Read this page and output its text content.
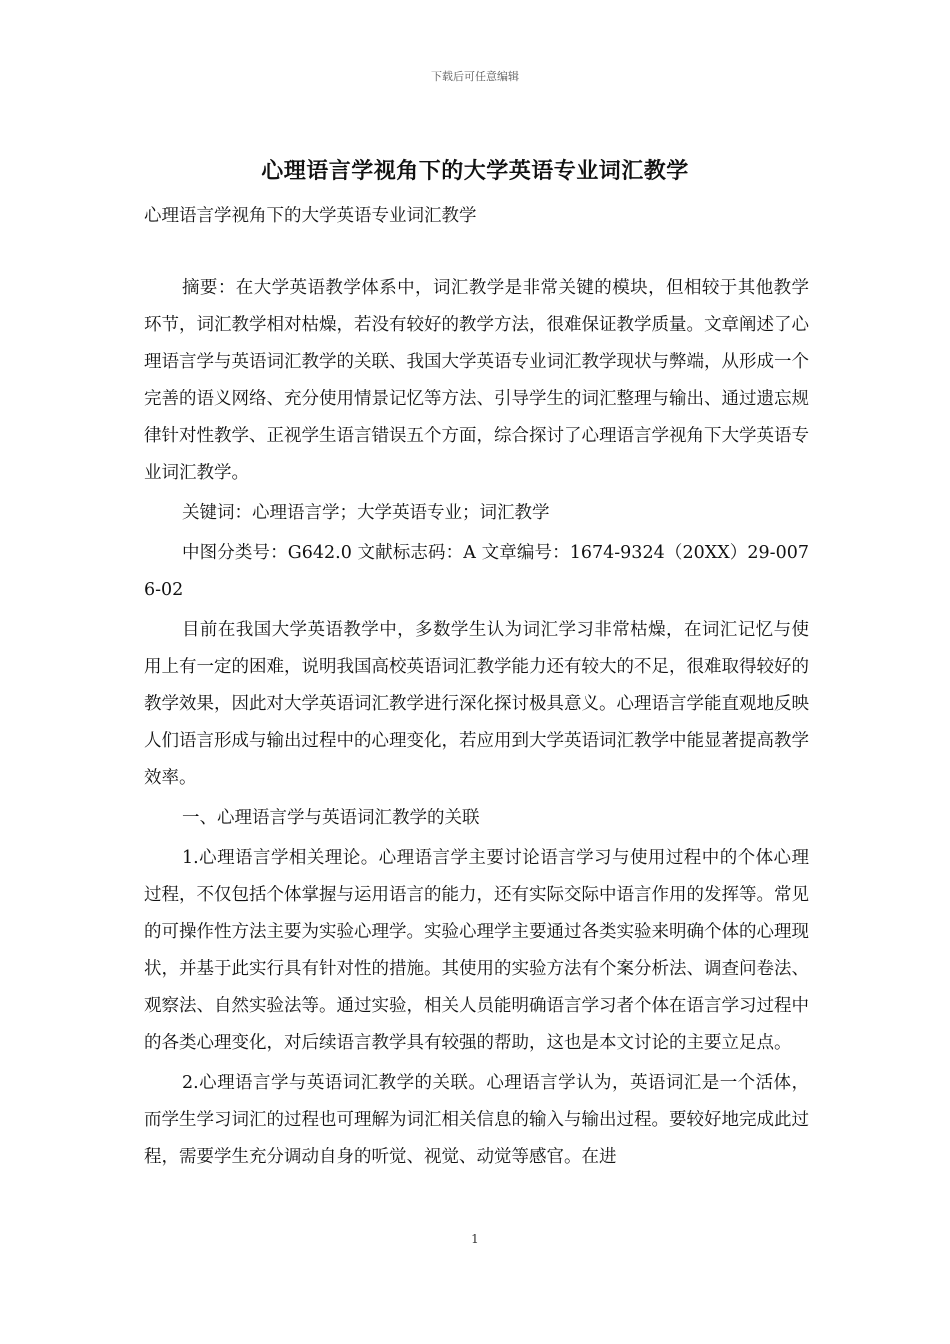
下载后可任意编辑
心理语言学视角下的大学英语专业词汇教学
心理语言学视角下的大学英语专业词汇教学

摘要：在大学英语教学体系中，词汇教学是非常关键的模块，但相较于其他教学环节，词汇教学相对枯燥，若没有较好的教学方法，很难保证教学质量。文章阐述了心理语言学与英语词汇教学的关联、我国大学英语专业词汇教学现状与弊端，从形成一个完善的语义网络、充分使用情景记忆等方法、引导学生的词汇整理与输出、通过遗忘规律针对性教学、正视学生语言错误五个方面，综合探讨了心理语言学视角下大学英语专业词汇教学。

关键词：心理语言学；大学英语专业；词汇教学

中图分类号：G642.0 文献标志码：A 文章编号：1674-9324（20XX）29-0076-02

目前在我国大学英语教学中，多数学生认为词汇学习非常枯燥，在词汇记忆与使用上有一定的困难，说明我国高校英语词汇教学能力还有较大的不足，很难取得较好的教学效果，因此对大学英语词汇教学进行深化探讨极具意义。心理语言学能直观地反映人们语言形成与输出过程中的心理变化，若应用到大学英语词汇教学中能显著提高教学效率。

一、心理语言学与英语词汇教学的关联

1.心理语言学相关理论。心理语言学主要讨论语言学习与使用过程中的个体心理过程，不仅包括个体掌握与运用语言的能力，还有实际交际中语言作用的发挥等。常见的可操作性方法主要为实验心理学。实验心理学主要通过各类实验来明确个体的心理现状，并基于此实行具有针对性的措施。其使用的实验方法有个案分析法、调查问卷法、观察法、自然实验法等。通过实验，相关人员能明确语言学习者个体在语言学习过程中的各类心理变化，对后续语言教学具有较强的帮助，这也是本文讨论的主要立足点。

2.心理语言学与英语词汇教学的关联。心理语言学认为，英语词汇是一个活体，而学生学习词汇的过程也可理解为词汇相关信息的输入与输出过程。要较好地完成此过程，需要学生充分调动自身的听觉、视觉、动觉等感官。在进

1
